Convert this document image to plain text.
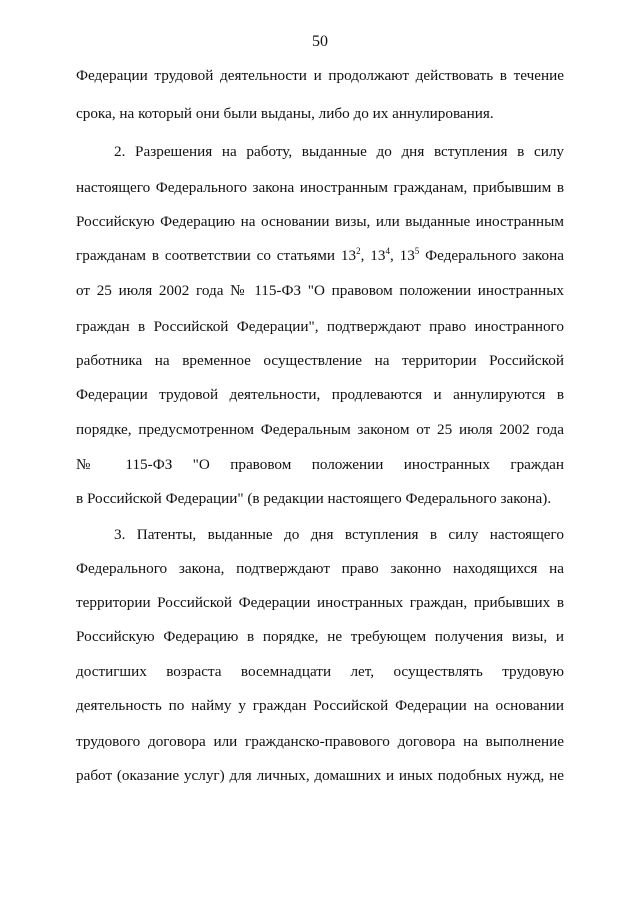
50
Федерации трудовой деятельности и продолжают действовать в течение
срока, на который они были выданы, либо до их аннулирования.
2. Разрешения на работу, выданные до дня вступления в силу
настоящего Федерального закона иностранным гражданам, прибывшим в
Российскую Федерацию на основании визы, или выданные иностранным
гражданам в соответствии со статьями $13^2$, $13^4$, $13^5$ Федерального закона
от 25 июля 2002 года № 115-ФЗ "О правовом положении иностранных
граждан в Российской Федерации", подтверждают право иностранного
работника на временное осуществление на территории Российской
Федерации трудовой деятельности, продлеваются и аннулируются в
порядке, предусмотренном Федеральным законом от 25 июля 2002 года
№ 115-ФЗ "О правовом положении иностранных граждан
в Российской Федерации" (в редакции настоящего Федерального закона).
3. Патенты, выданные до дня вступления в силу настоящего
Федерального закона, подтверждают право законно находящихся на
территории Российской Федерации иностранных граждан, прибывших в
Российскую Федерацию в порядке, не требующем получения визы, и
достигших возраста восемнадцати лет, осуществлять трудовую
деятельность по найму у граждан Российской Федерации на основании
трудового договора или гражданско-правового договора на выполнение
работ (оказание услуг) для личных, домашних и иных подобных нужд, не
